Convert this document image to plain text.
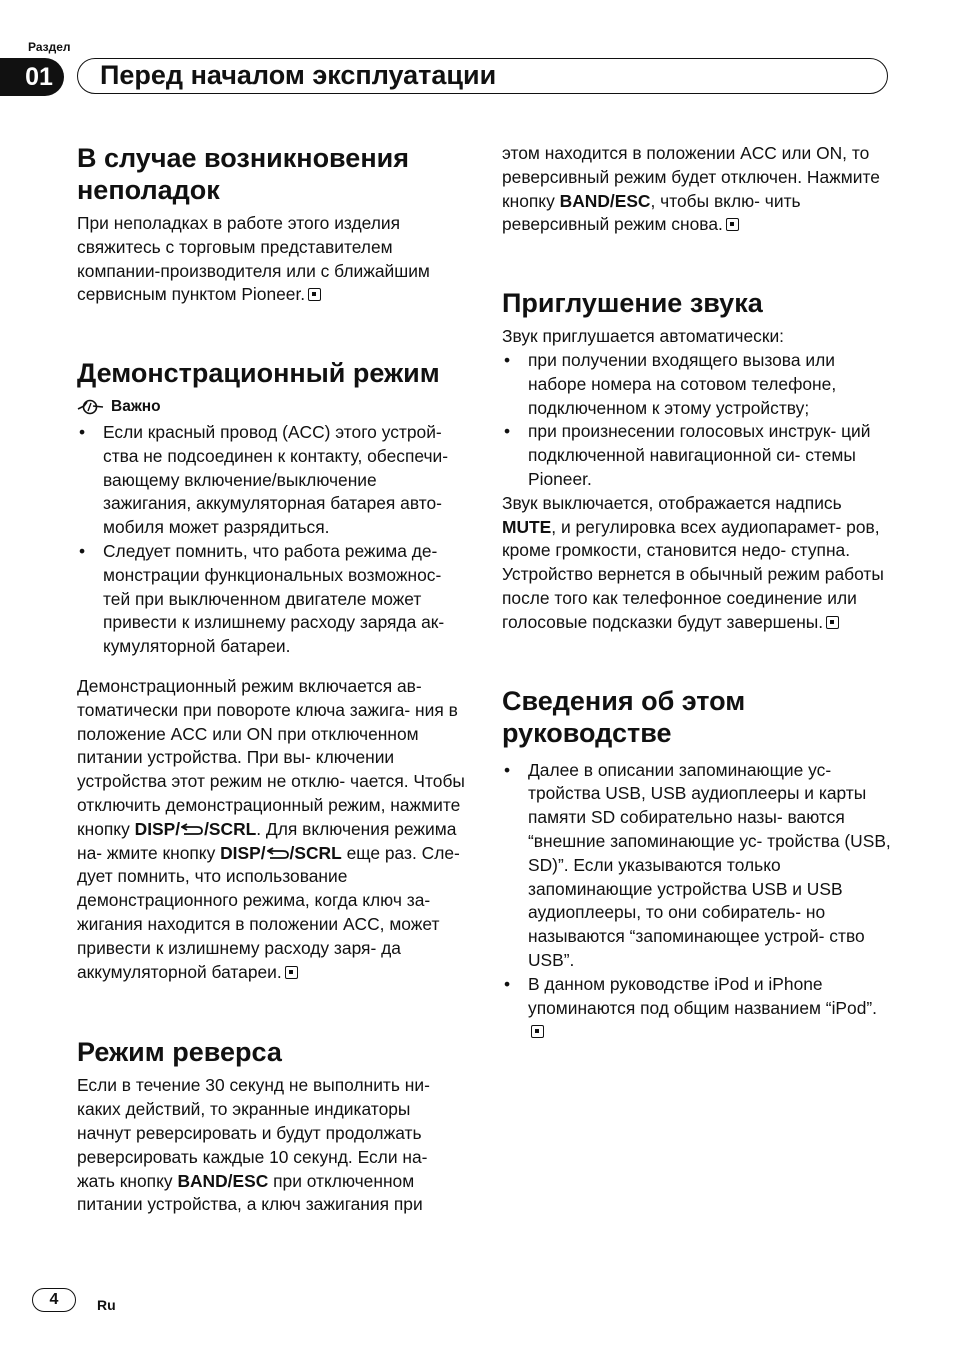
Раздел
01	Перед началом эксплуатации
В случае возникновения неполадок

При неполадках в работе этого изделия свяжитесь с торговым представителем компании-производителя или с ближайшим сервисным пунктом Pioneer.

Демонстрационный режим
Важно
• Если красный провод (ACC) этого устрой- ства не подсоединен к контакту, обеспечи- вающему включение/выключение зажигания, аккумуляторная батарея авто- мобиля может разрядиться.
• Следует помнить, что работа режима де- монстрации функциональных возможнос- тей при выключенном двигателе может привести к излишнему расходу заряда ак- кумуляторной батареи.

Демонстрационный режим включается ав- томатически при повороте ключа зажига- ния в положение ACC или ON при отключенном питании устройства. При вы- ключении устройства этот режим не отклю- чается. Чтобы отключить демонстрационный режим, нажмите кнопку DISP/ /SCRL. Для включения режима на- жмите кнопку DISP/ /SCRL еще раз. Сле- дует помнить, что использование демонстрационного режима, когда ключ за- жигания находится в положении ACC, может привести к излишнему расходу заря- да аккумуляторной батареи.

Режим реверса

Если в течение 30 секунд не выполнить ни- каких действий, то экранные индикаторы начнут реверсировать и будут продолжать реверсировать каждые 10 секунд. Если на- жать кнопку BAND/ESC при отключенном питании устройства, а ключ зажигания при

этом находится в положении ACC или ON, то реверсивный режим будет отключен. Нажмите кнопку BAND/ESC, чтобы вклю- чить реверсивный режим снова.

Приглушение звука

Звук приглушается автоматически:

• при получении входящего вызова или наборе номера на сотовом телефоне, подключенном к этому устройству;
• при произнесении голосовых инструк- ций подключенной навигационной си- стемы Pioneer.

Звук выключается, отображается надпись MUTE, и регулировка всех аудиопарамет- ров, кроме громкости, становится недо- ступна. Устройство вернется в обычный режим работы после того как телефонное соединение или голосовые подсказки будут завершены.

Сведения об этом руководстве
• Далее в описании запоминающие ус- тройства USB, USB аудиоплееры и карты памяти SD собирательно назы- ваются “внешние запоминающие ус- тройства (USB, SD)”. Если указываются только запоминающие устройства USB и USB аудиоплееры, то они собиратель- но называются “запоминающее устрой- ство USB”.
• В данном руководстве iPod и iPhone упоминаются под общим названием “iPod”.
4	Ru
